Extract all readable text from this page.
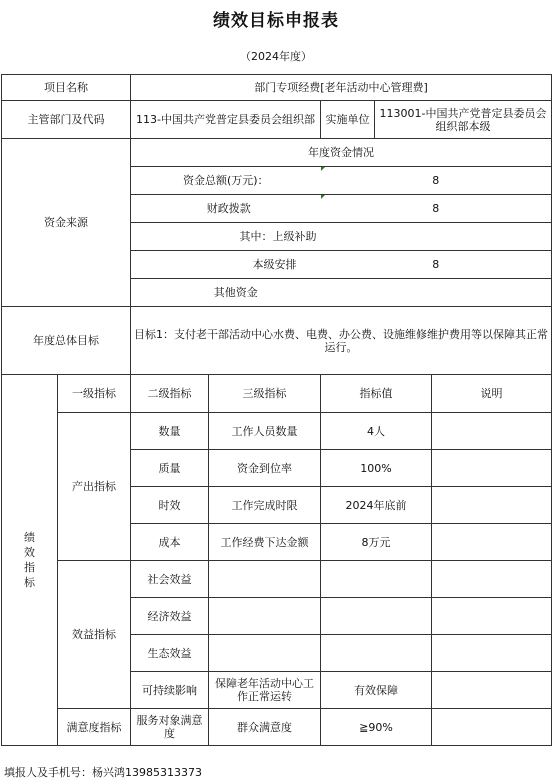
绩效目标申报表
（2024年度）
项目名称		部门专项经费[老年活动中心管理费]				
主管部门及代码		113-中国共产党普定县委员会组织部		实施单位	113001-中国共产党普定县委员会组织部本级	
资金来源		年度资金情况				
		资金总额(万元)：		8		
		财政拨款		8		
		其中：上级补助				
		本级安排		8		
		其他资金				
年度总体目标		目标1：支付老干部活动中心水费、电费、办公费、设施维修维护费用等以保障其正常运行。				
绩效指标	一级指标	二级指标	三级指标	指标值		说明
	产出指标	数量	工作人员数量	4人		
		质量	资金到位率	100%		
		时效	工作完成时限	2024年底前		
		成本	工作经费下达金额	8万元		
	效益指标	社会效益				
		经济效益				
		生态效益				
		可持续影响	保障老年活动中心工作正常运转	有效保障		
	满意度指标	服务对象满意度	群众满意度	≧90%		
填报人及手机号：杨兴鸿13985313373
